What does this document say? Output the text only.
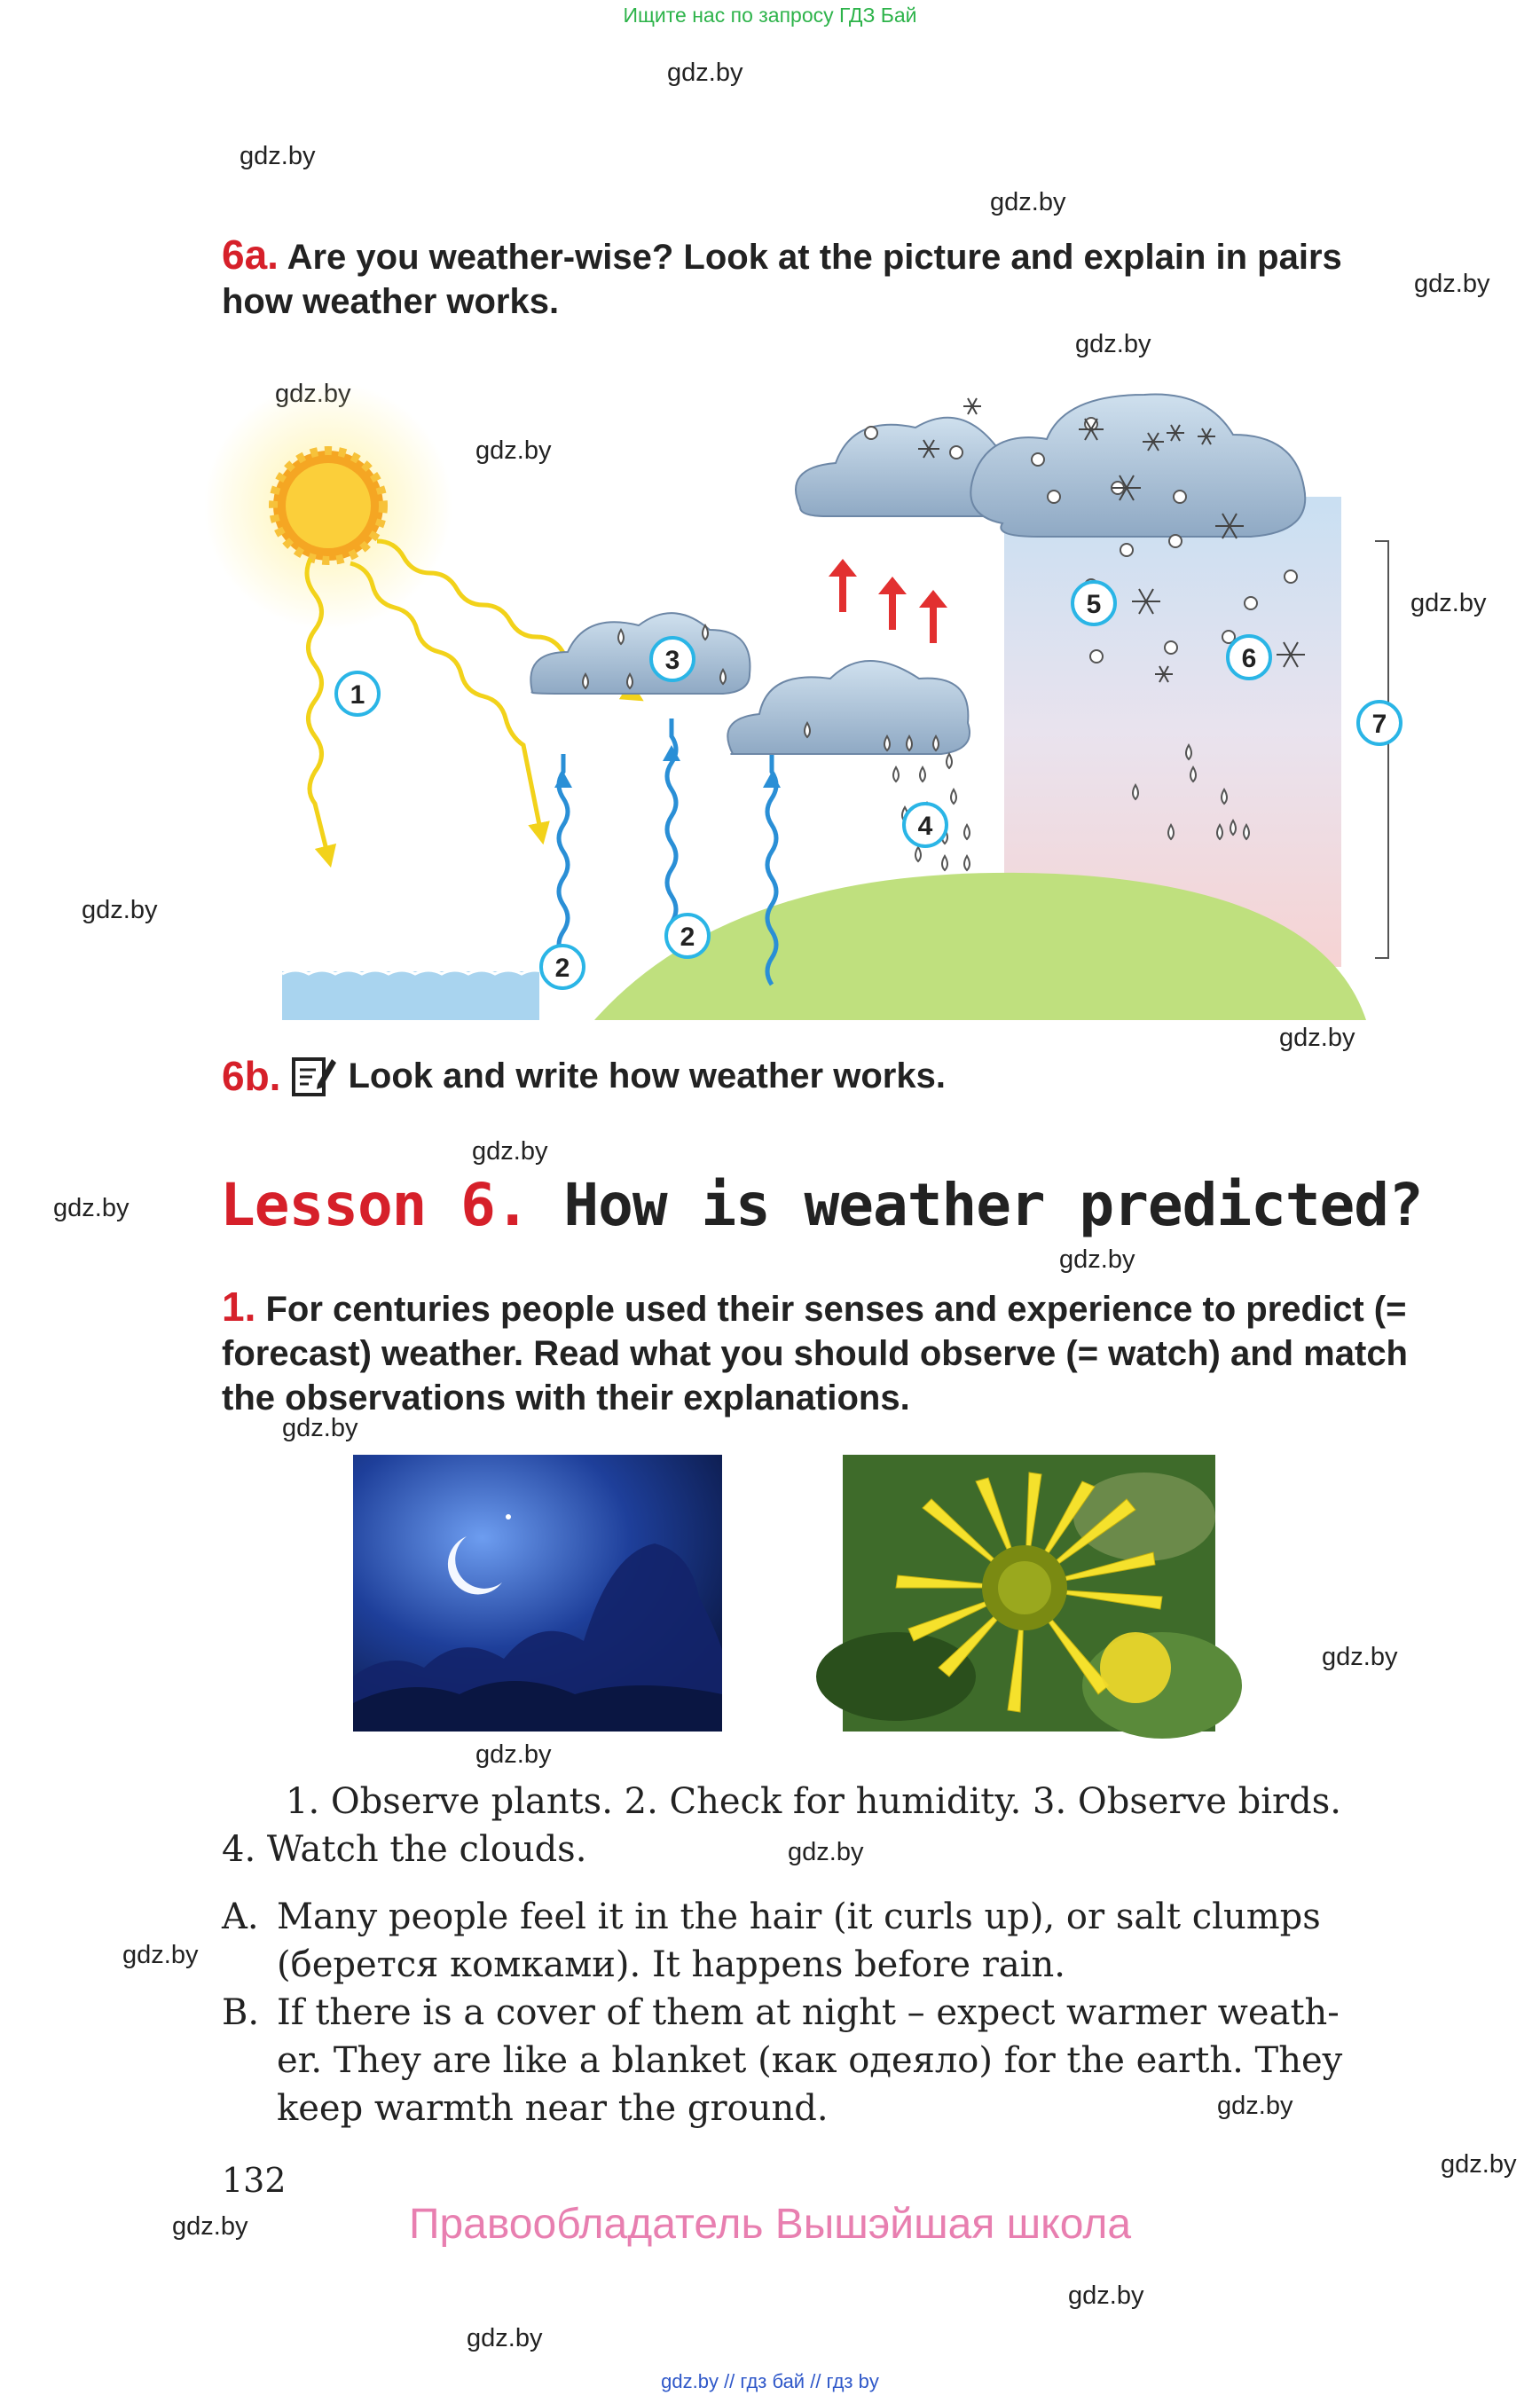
Ищите нас по запросу ГДЗ Бай
gdz.by
gdz.by
gdz.by
gdz.by
gdz.by
gdz.by
gdz.by
gdz.by
gdz.by
gdz.by
gdz.by
gdz.by
gdz.by
gdz.by
gdz.by
gdz.by
gdz.by
gdz.by
gdz.by
gdz.by
gdz.by
gdz.by
6a. Are you weather-wise? Look at the picture and explain in pairs how weather works.
1
2
2
3
4
5
6
7
6b. Look and write how weather works.
Lesson 6. How is weather predicted?
1. For centuries people used their senses and experience to predict (= forecast) weather. Read what you should observe (= watch) and match the observations with their explanations.
1. Observe plants. 2. Check for humidity. 3. Observe birds.
4. Watch the clouds.
A. Many people feel it in the hair (it curls up), or salt clumps
(берется комками). It happens before rain.
B. If there is a cover of them at night – expect warmer weath-
er. They are like a blanket (как одеяло) for the earth. They
keep warmth near the ground.
132
Правообладатель Вышэйшая школа
gdz.by // гдз бай // гдз by
